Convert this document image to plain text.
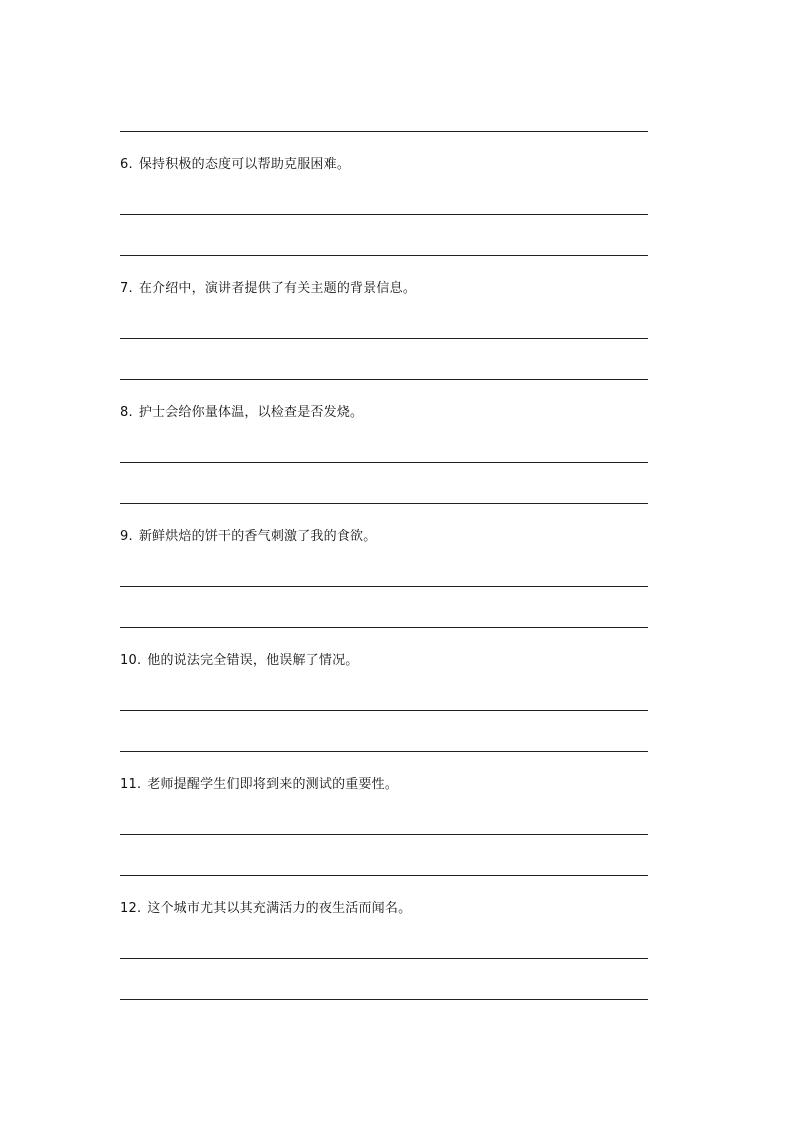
6. 保持积极的态度可以帮助克服困难。
7. 在介绍中，演讲者提供了有关主题的背景信息。
8. 护士会给你量体温，以检查是否发烧。
9. 新鲜烘焙的饼干的香气刺激了我的食欲。
10. 他的说法完全错误，他误解了情况。
11. 老师提醒学生们即将到来的测试的重要性。
12. 这个城市尤其以其充满活力的夜生活而闻名。
